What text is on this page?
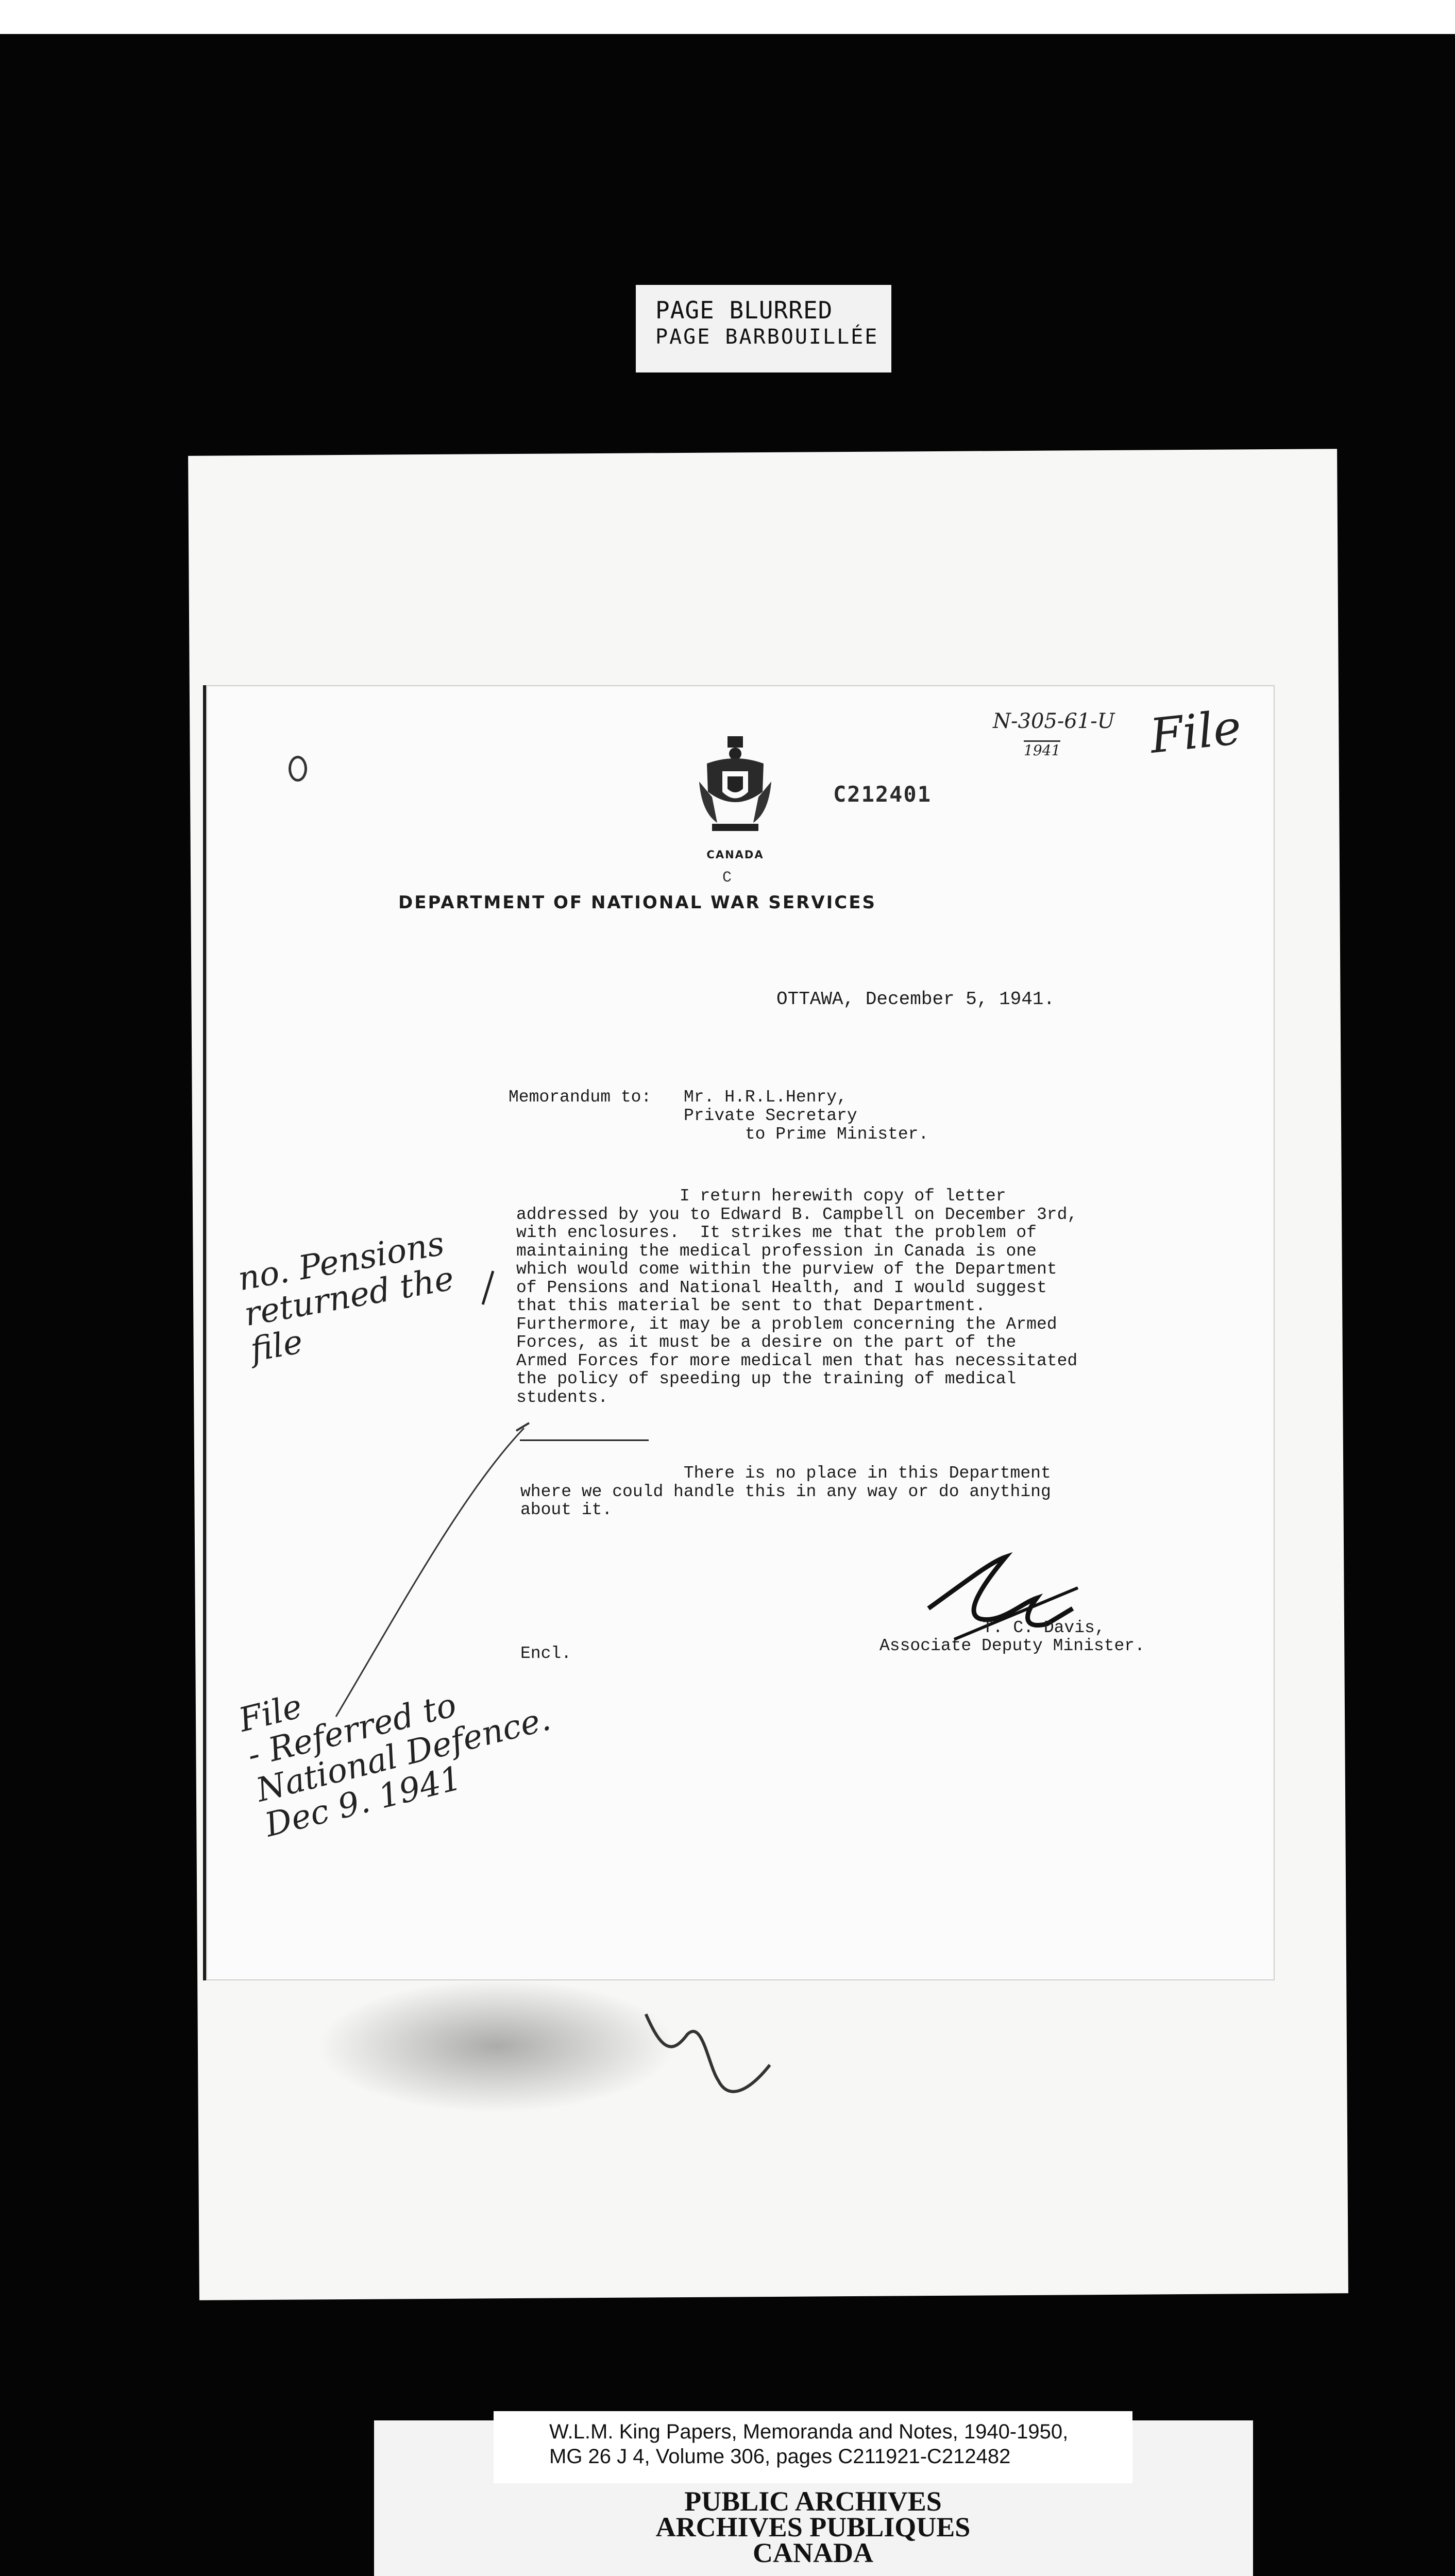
PAGE BLURRED
PAGE BARBOUILLÉE
CANADA
C212401
C
DEPARTMENT OF NATIONAL WAR SERVICES
N-305-61-U
1941 File
OTTAWA, December 5, 1941.
Memorandum to: Mr. H.R.L.Henry,
Private Secretary
to Prime Minister.
I return herewith copy of letter
addressed by you to Edward B. Campbell on December 3rd,
with enclosures.  It strikes me that the problem of
maintaining the medical profession in Canada is one
which would come within the purview of the Department
of Pensions and National Health, and I would suggest
that this material be sent to that Department.
Furthermore, it may be a problem concerning the Armed
Forces, as it must be a desire on the part of the
Armed Forces for more medical men that has necessitated
the policy of speeding up the training of medical
students.
There is no place in this Department
where we could handle this in any way or do anything
about it.
T. C. Davis,
Associate Deputy Minister.
Encl.
no. Pensions
returned the
file
File
- Referred to
National Defence.
Dec 9. 1941
W.L.M. King Papers, Memoranda and Notes, 1940-1950,
MG 26 J 4, Volume 306, pages C211921-C212482
PUBLIC ARCHIVES
ARCHIVES PUBLIQUES
CANADA
